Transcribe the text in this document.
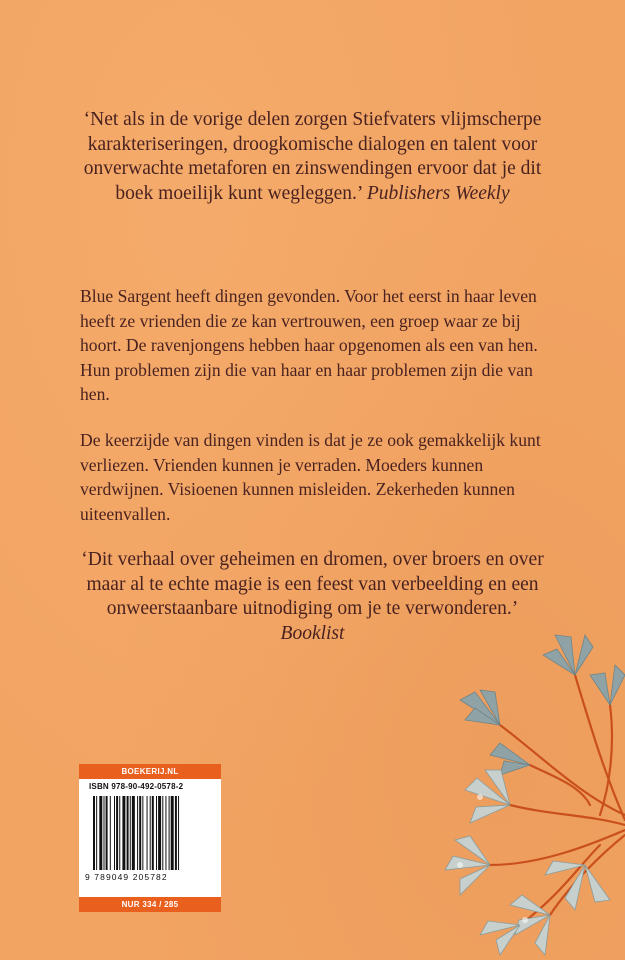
‘Net als in de vorige delen zorgen Stiefvaters vlijmscherpe karakteriseringen, droogkomische dialogen en talent voor onverwachte metaforen en zinswendingen ervoor dat je dit boek moeilijk kunt wegleggen.’ Publishers Weekly

Blue Sargent heeft dingen gevonden. Voor het eerst in haar leven heeft ze vrienden die ze kan vertrouwen, een groep waar ze bij hoort. De ravenjongens hebben haar opgenomen als een van hen. Hun problemen zijn die van haar en haar problemen zijn die van hen.

De keerzijde van dingen vinden is dat je ze ook gemakkelijk kunt verliezen. Vrienden kunnen je verraden. Moeders kunnen verdwijnen. Visioenen kunnen misleiden. Zekerheden kunnen uiteenvallen.

‘Dit verhaal over geheimen en dromen, over broers en over maar al te echte magie is een feest van verbeelding en een onweerstaanbare uitnodiging om je te verwonderen.’
Booklist

BOEKERIJ.NL
ISBN 978-90-492-0578-2
9 789049 205782
NUR 334 / 285
